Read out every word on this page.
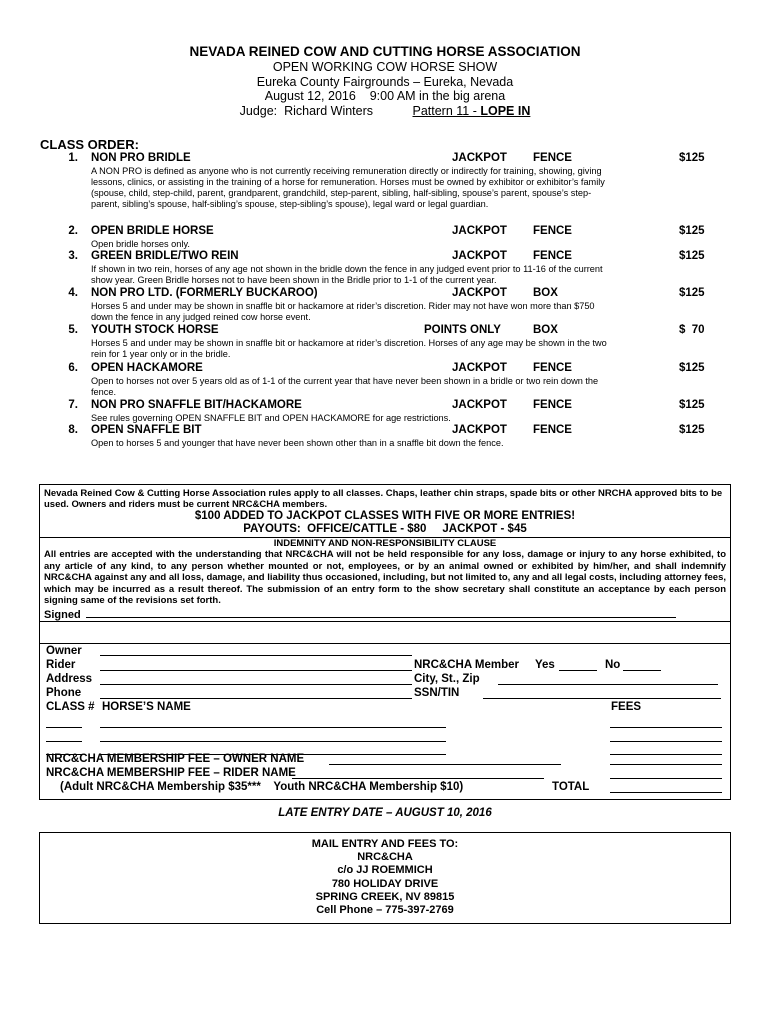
NEVADA REINED COW AND CUTTING HORSE ASSOCIATION
OPEN WORKING COW HORSE SHOW
Eureka County Fairgrounds – Eureka, Nevada
August 12, 2016    9:00 AM in the big arena
Judge:  Richard Winters	Pattern 11 - LOPE IN
CLASS ORDER:
1. NON PRO BRIDLE	JACKPOT FENCE	$125
A NON PRO is defined as anyone who is not currently receiving remuneration directly or indirectly for training, showing, giving lessons, clinics, or assisting in the training of a horse for remuneration. Horses must be owned by exhibitor or exhibitor’s family (spouse, child, step-child, parent, grandparent, grandchild, step-parent, sibling, half-sibling, spouse’s parent, spouse’s step-parent, sibling’s spouse, half-sibling’s spouse, step-sibling’s spouse), legal ward or legal guardian.
2. OPEN BRIDLE HORSE	JACKPOT FENCE	$125
Open bridle horses only.
3. GREEN BRIDLE/TWO REIN	JACKPOT FENCE	$125
If shown in two rein, horses of any age not shown in the bridle down the fence in any judged event prior to 11-16 of the current show year. Green Bridle horses not to have been shown in the Bridle prior to 1-1 of the current year.
4. NON PRO LTD. (FORMERLY BUCKAROO)	JACKPOT BOX	$125
Horses 5 and under may be shown in snaffle bit or hackamore at rider’s discretion. Rider may not have won more than $750 down the fence in any judged reined cow horse event.
5. YOUTH STOCK HORSE	POINTS ONLY	BOX	$  70
Horses 5 and under may be shown in snaffle bit or hackamore at rider’s discretion. Horses of any age may be shown in the two rein for 1 year only or in the bridle.
6. OPEN HACKAMORE	JACKPOT FENCE	$125
Open to horses not over 5 years old as of 1-1 of the current year that have never been shown in a bridle or two rein down the fence.
7. NON PRO SNAFFLE BIT/HACKAMORE	JACKPOT FENCE	$125
See rules governing OPEN SNAFFLE BIT and OPEN HACKAMORE for age restrictions.
8. OPEN SNAFFLE BIT	JACKPOT FENCE	$125
Open to horses 5 and younger that have never been shown other than in a snaffle bit down the fence.
Nevada Reined Cow & Cutting Horse Association rules apply to all classes. Chaps, leather chin straps, spade bits or other NRCHA approved bits to be used. Owners and riders must be current NRC&CHA members.
$100 ADDED TO JACKPOT CLASSES WITH FIVE OR MORE ENTRIES!
PAYOUTS:  OFFICE/CATTLE - $80     JACKPOT - $45
INDEMNITY AND NON-RESPONSIBILITY CLAUSE
All entries are accepted with the understanding that NRC&CHA will not be held responsible for any loss, damage or injury to any horse exhibited, to any article of any kind, to any person whether mounted or not, employees, or by an animal owned or exhibited by him/her, and shall indemnify NRC&CHA against any and all loss, damage, and liability thus occasioned, including, but not limited to, any and all legal costs, including attorney fees, which may be incurred as a result thereof. The submission of an entry form to the show secretary shall constitute an acceptance by each person signing same of the revisions set forth.
Signed
Owner
Rider	NRC&CHA Member Yes	No
Address	City, St., Zip
Phone	SSN/TIN
CLASS # HORSE’S NAME	FEES
NRC&CHA MEMBERSHIP FEE – OWNER NAME
NRC&CHA MEMBERSHIP FEE – RIDER NAME
(Adult NRC&CHA Membership $35***    Youth NRC&CHA Membership $10)	TOTAL
LATE ENTRY DATE – AUGUST 10, 2016
MAIL ENTRY AND FEES TO:
NRC&CHA
c/o JJ ROEMMICH
780 HOLIDAY DRIVE
SPRING CREEK, NV 89815
Cell Phone – 775-397-2769
